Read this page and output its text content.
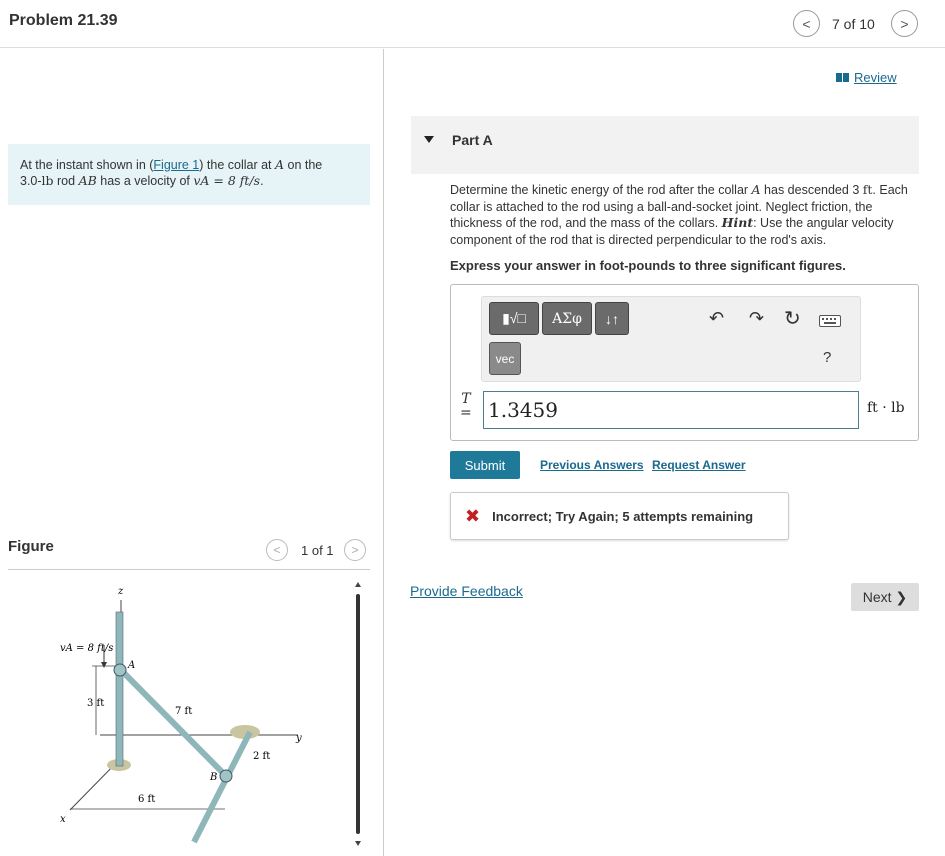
Problem 21.39	< 7 of 10 >
Review
At the instant shown in (Figure 1) the collar at A on the
3.0-lb rod AB has a velocity of vA = 8 ft/s.
Figure	< 1 of 1 >
vA = 8 ft/s
z
A
3 ft
7 ft
y
2 ft
B
6 ft
x
Part A
Determine the kinetic energy of the rod after the collar A has descended 3 ft. Each collar is attached to the rod using a ball-and-socket joint. Neglect friction, the thickness of the rod, and the mass of the collars. Hint: Use the angular velocity component of the rod that is directed perpendicular to the rod's axis.
Express your answer in foot-pounds to three significant figures.
▮√□ ΑΣφ ↓↑
vec
↶ ↷ ↻
?
T
= 1.3459	ft · lb
Submit	Previous Answers Request Answer
✖ Incorrect; Try Again; 5 attempts remaining
Provide Feedback	Next ❯
